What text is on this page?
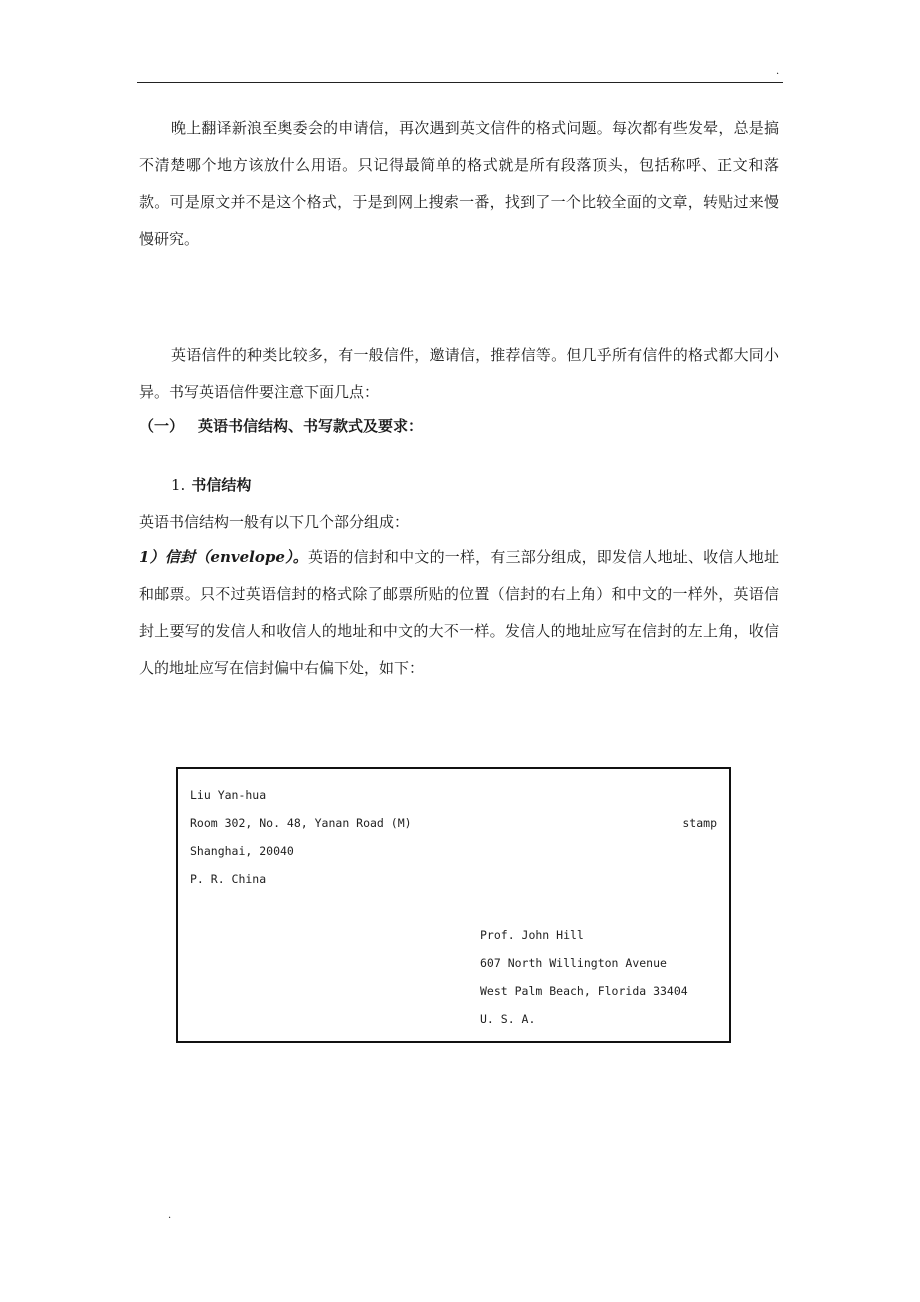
.

晚上翻译新浪至奥委会的申请信，再次遇到英文信件的格式问题。每次都有些发晕，总是搞不清楚哪个地方该放什么用语。只记得最简单的格式就是所有段落顶头，包括称呼、正文和落款。可是原文并不是这个格式，于是到网上搜索一番，找到了一个比较全面的文章，转贴过来慢慢研究。

英语信件的种类比较多，有一般信件，邀请信，推荐信等。但几乎所有信件的格式都大同小异。书写英语信件要注意下面几点：

（一） 英语书信结构、书写款式及要求：
1. 书信结构

英语书信结构一般有以下几个部分组成：

1）信封（envelope）。英语的信封和中文的一样，有三部分组成，即发信人地址、收信人地址和邮票。只不过英语信封的格式除了邮票所贴的位置（信封的右上角）和中文的一样外，英语信封上要写的发信人和收信人的地址和中文的大不一样。发信人的地址应写在信封的左上角，收信人的地址应写在信封偏中右偏下处，如下：

Liu Yan-hua
Room 302, No. 48, Yanan Road (M)
Shanghai, 20040
P. R. China
stamp
Prof. John Hill
607 North Willington Avenue
West Palm Beach, Florida 33404
U. S. A.
.
